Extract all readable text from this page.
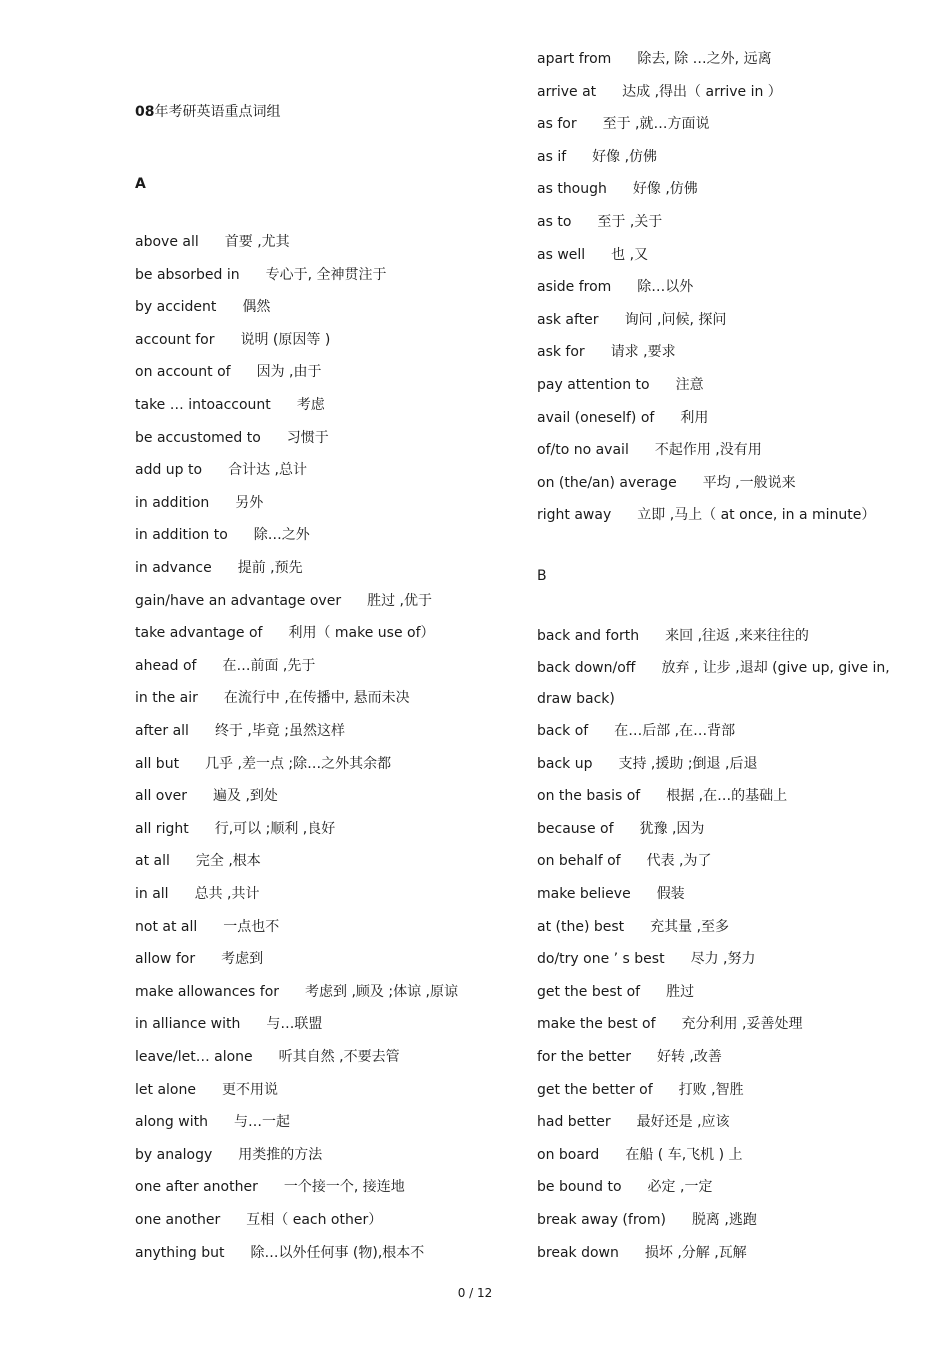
08年考研英语重点词组
A
above all 首要 ,尤其
be absorbed in 专心于, 全神贯注于
by accident 偶然
account for 说明 (原因等 )
on account of 因为 ,由于
take … intoaccount 考虑
be accustomed to 习惯于
add up to 合计达 ,总计
in addition 另外
in addition to 除…之外
in advance 提前 ,预先
gain/have an advantage over 胜过 ,优于
take advantage of 利用（ make use of）
ahead of 在…前面 ,先于
in the air 在流行中 ,在传播中, 悬而未决
after all 终于 ,毕竟 ;虽然这样
all but 几乎 ,差一点 ;除…之外其余都
all over 遍及 ,到处
all right 行,可以 ;顺利 ,良好
at all 完全 ,根本
in all 总共 ,共计
not at all 一点也不
allow for 考虑到
make allowances for 考虑到 ,顾及 ;体谅 ,原谅
in alliance with 与…联盟
leave/let… alone 听其自然 ,不要去管
let alone 更不用说
along with 与…一起
by analogy 用类推的方法
one after another 一个接一个, 接连地
one another 互相（ each other）
anything but 除…以外任何事 (物),根本不
apart from 除去, 除 …之外, 远离
arrive at 达成 ,得出（ arrive in ）
as for 至于 ,就…方面说
as if 好像 ,仿佛
as though 好像 ,仿佛
as to 至于 ,关于
as well 也 ,又
aside from 除…以外
ask after 询问 ,问候, 探问
ask for 请求 ,要求
pay attention to 注意
avail (oneself) of 利用
of/to no avail 不起作用 ,没有用
on (the/an) average 平均 ,一般说来
right away 立即 ,马上（ at once, in a minute）
B
back and forth 来回 ,往返 ,来来往往的
back down/off 放弃 , 让步 ,退却 (give up, give in, draw back)
back of 在…后部 ,在…背部
back up 支持 ,援助 ;倒退 ,后退
on the basis of 根据 ,在…的基础上
because of 犹豫 ,因为
on behalf of 代表 ,为了
make believe 假装
at (the) best 充其量 ,至多
do/try one ’ s best 尽力 ,努力
get the best of 胜过
make the best of 充分利用 ,妥善处理
for the better 好转 ,改善
get the better of 打败 ,智胜
had better 最好还是 ,应该
on board 在船 ( 车,飞机 ) 上
be bound to 必定 ,一定
break away (from) 脱离 ,逃跑
break down 损坏 ,分解 ,瓦解
0 / 12
